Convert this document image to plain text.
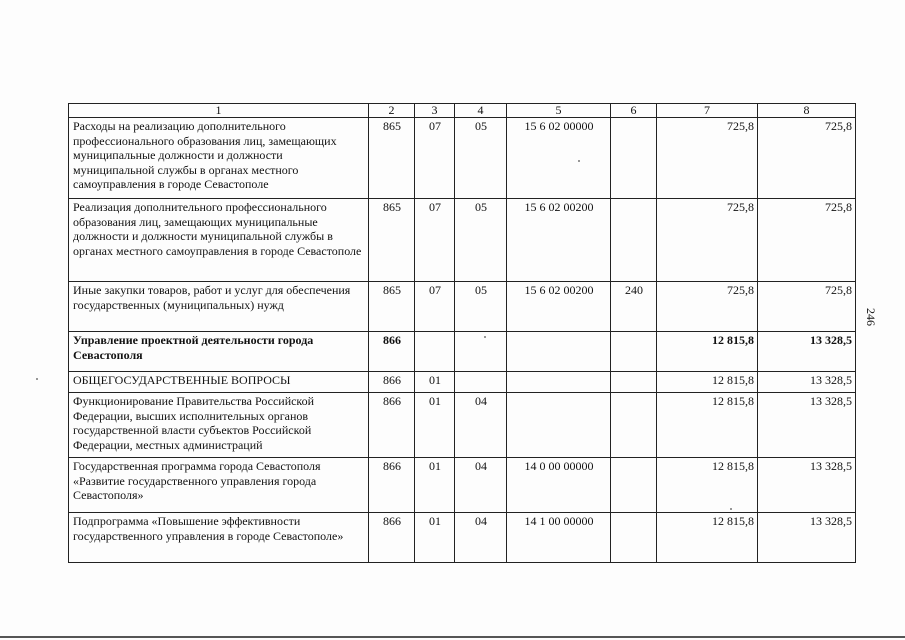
1	2	3	4	5	6	7	8
Расходы на реализацию дополнительного профессионального образования лиц, замещающих муниципальные должности и должности муниципальной службы в органах местного самоуправления в городе Севастополе	865	07	05	15 6 02 00000		725,8	725,8
Реализация дополнительного профессионального образования лиц, замещающих муниципальные должности и должности муниципальной службы в органах местного самоуправления в городе Севастополе	865	07	05	15 6 02 00200		725,8	725,8
Иные закупки товаров, работ и услуг для обеспечения государственных (муниципальных) нужд	865	07	05	15 6 02 00200	240	725,8	725,8
Управление проектной деятельности города Севастополя	866					12 815,8	13 328,5
ОБЩЕГОСУДАРСТВЕННЫЕ ВОПРОСЫ	866	01				12 815,8	13 328,5
Функционирование Правительства Российской Федерации, высших исполнительных органов государственной власти субъектов Российской Федерации, местных администраций	866	01	04			12 815,8	13 328,5
Государственная программа города Севастополя «Развитие государственного управления города Севастополя»	866	01	04	14 0 00 00000		12 815,8	13 328,5
Подпрограмма «Повышение эффективности государственного управления в городе Севастополе»	866	01	04	14 1 00 00000		12 815,8	13 328,5
246
